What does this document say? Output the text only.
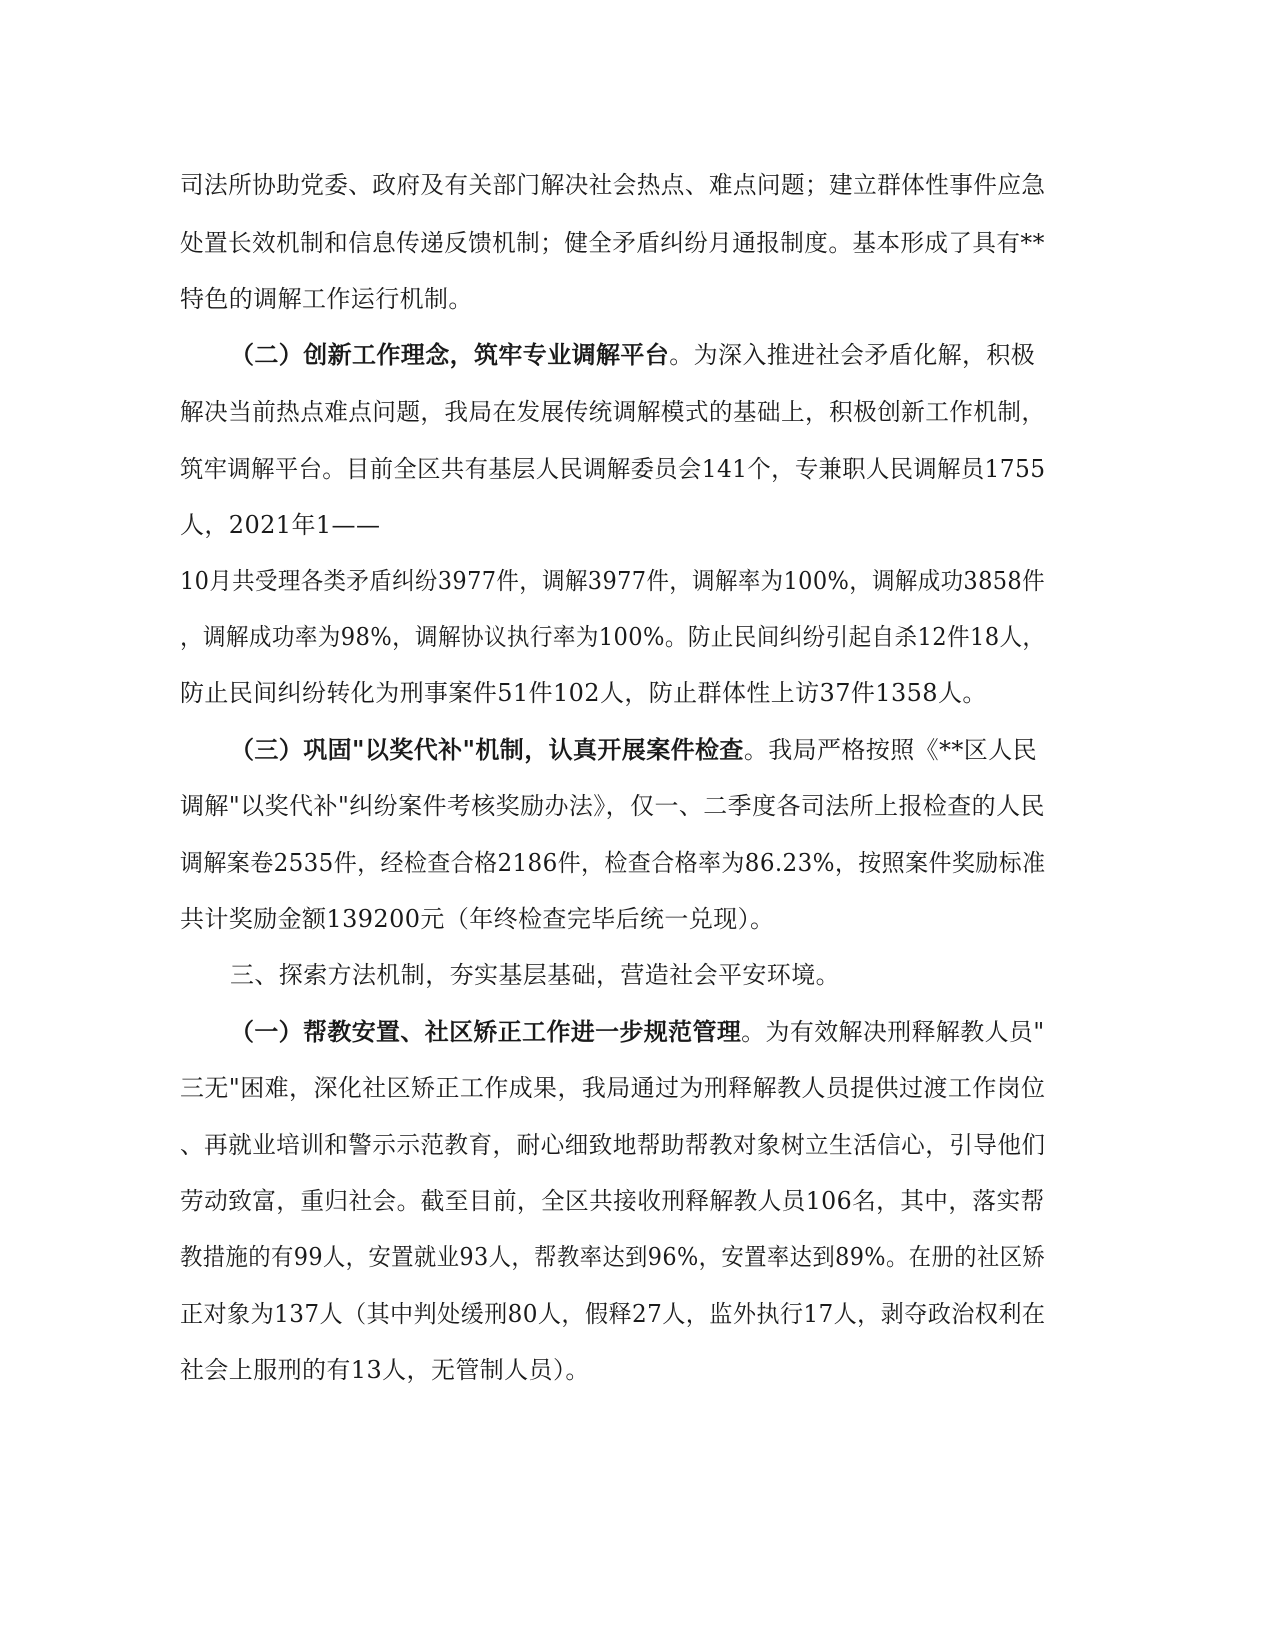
司法所协助党委、政府及有关部门解决社会热点、难点问题；建立群体性事件应急
处置长效机制和信息传递反馈机制；健全矛盾纠纷月通报制度。基本形成了具有**
特色的调解工作运行机制。
（二）创新工作理念，筑牢专业调解平台。为深入推进社会矛盾化解，积极
解决当前热点难点问题，我局在发展传统调解模式的基础上，积极创新工作机制，
筑牢调解平台。目前全区共有基层人民调解委员会141个，专兼职人民调解员1755
人，2021年1——
10月共受理各类矛盾纠纷3977件，调解3977件，调解率为100%，调解成功3858件
，调解成功率为98%，调解协议执行率为100%。防止民间纠纷引起自杀12件18人，
防止民间纠纷转化为刑事案件51件102人，防止群体性上访37件1358人。
（三）巩固"以奖代补"机制，认真开展案件检查。我局严格按照《**区人民
调解"以奖代补"纠纷案件考核奖励办法》，仅一、二季度各司法所上报检查的人民
调解案卷2535件，经检查合格2186件，检查合格率为86.23%，按照案件奖励标准
共计奖励金额139200元（年终检查完毕后统一兑现）。
三、探索方法机制，夯实基层基础，营造社会平安环境。
（一）帮教安置、社区矫正工作进一步规范管理。为有效解决刑释解教人员"
三无"困难，深化社区矫正工作成果，我局通过为刑释解教人员提供过渡工作岗位
、再就业培训和警示示范教育，耐心细致地帮助帮教对象树立生活信心，引导他们
劳动致富，重归社会。截至目前，全区共接收刑释解教人员106名，其中，落实帮
教措施的有99人，安置就业93人，帮教率达到96%，安置率达到89%。在册的社区矫
正对象为137人（其中判处缓刑80人，假释27人，监外执行17人，剥夺政治权利在
社会上服刑的有13人，无管制人员）。
